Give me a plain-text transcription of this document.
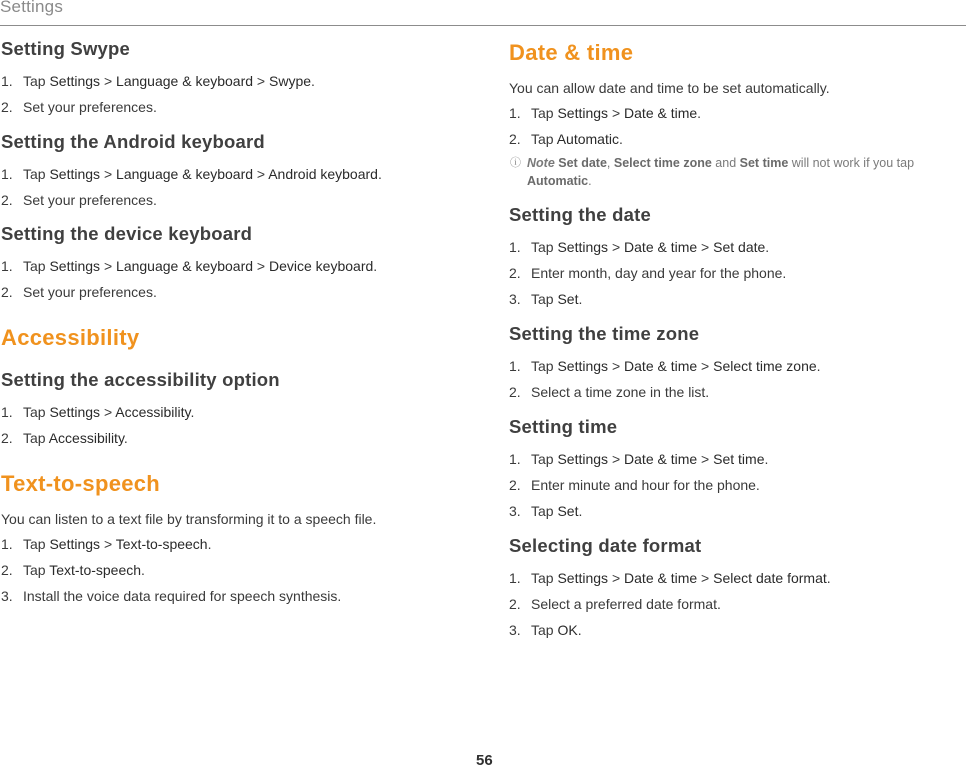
Settings
Setting Swype
1. Tap Settings > Language & keyboard > Swype.
2. Set your preferences.
Setting the Android keyboard
1. Tap Settings > Language & keyboard > Android keyboard.
2. Set your preferences.
Setting the device keyboard
1. Tap Settings > Language & keyboard > Device keyboard.
2. Set your preferences.
Accessibility
Setting the accessibility option
1. Tap Settings > Accessibility.
2. Tap Accessibility.
Text-to-speech

You can listen to a text file by transforming it to a speech file.

1. Tap Settings > Text-to-speech.
2. Tap Text-to-speech.
3. Install the voice data required for speech synthesis.
Date & time

You can allow date and time to be set automatically.

1. Tap Settings > Date & time.
2. Tap Automatic.
ⓘ Note Set date, Select time zone and Set time will not work if you tap
Automatic.
Setting the date
1. Tap Settings > Date & time > Set date.
2. Enter month, day and year for the phone.
3. Tap Set.
Setting the time zone
1. Tap Settings > Date & time > Select time zone.
2. Select a time zone in the list.
Setting time
1. Tap Settings > Date & time > Set time.
2. Enter minute and hour for the phone.
3. Tap Set.
Selecting date format
1. Tap Settings > Date & time > Select date format.
2. Select a preferred date format.
3. Tap OK.
56
